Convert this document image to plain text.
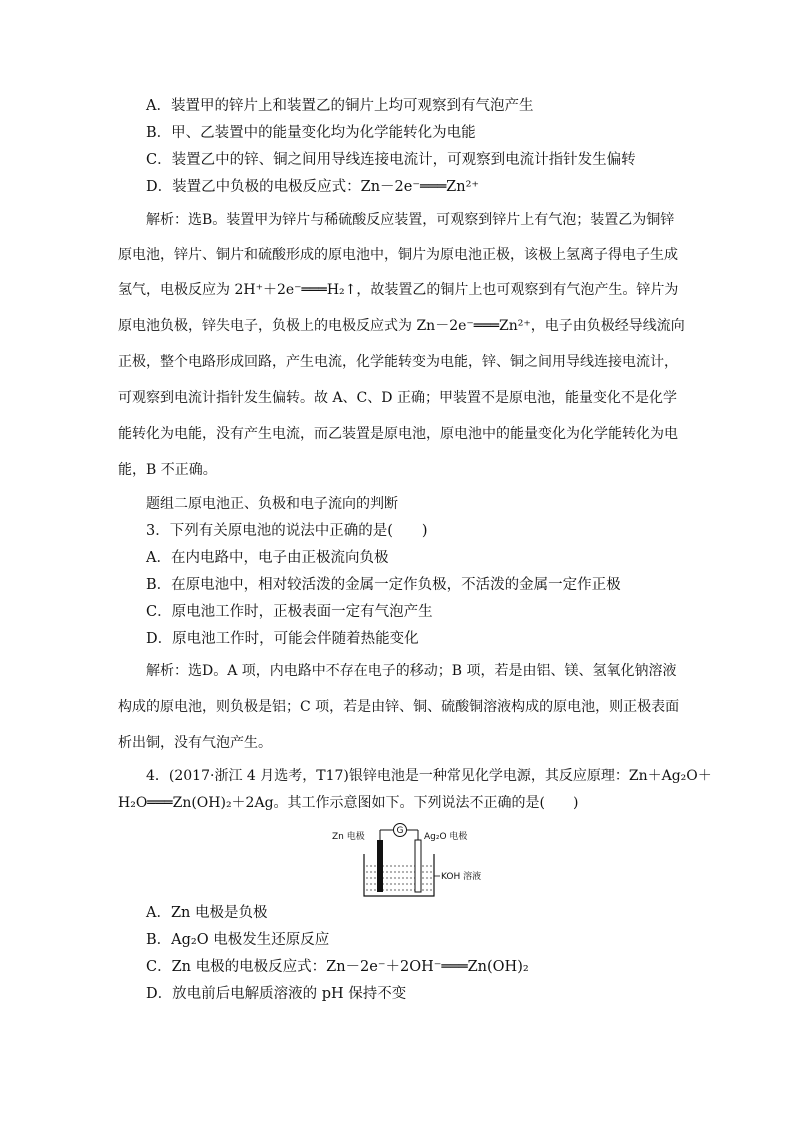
A．装置甲的锌片上和装置乙的铜片上均可观察到有气泡产生
B．甲、乙装置中的能量变化均为化学能转化为电能
C．装置乙中的锌、铜之间用导线连接电流计，可观察到电流计指针发生偏转
D．装置乙中负极的电极反应式：Zn－2e⁻═══Zn²⁺
解析：选B。装置甲为锌片与稀硫酸反应装置，可观察到锌片上有气泡；装置乙为铜锌
原电池，锌片、铜片和硫酸形成的原电池中，铜片为原电池正极，该极上氢离子得电子生成
氢气，电极反应为 2H⁺＋2e⁻═══H₂↑，故装置乙的铜片上也可观察到有气泡产生。锌片为
原电池负极，锌失电子，负极上的电极反应式为 Zn－2e⁻═══Zn²⁺，电子由负极经导线流向
正极，整个电路形成回路，产生电流，化学能转变为电能，锌、铜之间用导线连接电流计，
可观察到电流计指针发生偏转。故 A、C、D 正确；甲装置不是原电池，能量变化不是化学
能转化为电能，没有产生电流，而乙装置是原电池，原电池中的能量变化为化学能转化为电
能，B 不正确。
题组二原电池正、负极和电子流向的判断
3．下列有关原电池的说法中正确的是(　　)
A．在内电路中，电子由正极流向负极
B．在原电池中，相对较活泼的金属一定作负极，不活泼的金属一定作正极
C．原电池工作时，正极表面一定有气泡产生
D．原电池工作时，可能会伴随着热能变化
解析：选D。A 项，内电路中不存在电子的移动；B 项，若是由铝、镁、氢氧化钠溶液
构成的原电池，则负极是铝；C 项，若是由锌、铜、硫酸铜溶液构成的原电池，则正极表面
析出铜，没有气泡产生。
4．(2017·浙江 4 月选考，T17)银锌电池是一种常见化学电源，其反应原理：Zn＋Ag₂O＋
H₂O═══Zn(OH)₂＋2Ag。其工作示意图如下。下列说法不正确的是(　　)
G
Zn 电极	Ag₂O 电极
KOH 溶液
A．Zn 电极是负极
B．Ag₂O 电极发生还原反应
C．Zn 电极的电极反应式：Zn－2e⁻＋2OH⁻═══Zn(OH)₂
D．放电前后电解质溶液的 pH 保持不变
